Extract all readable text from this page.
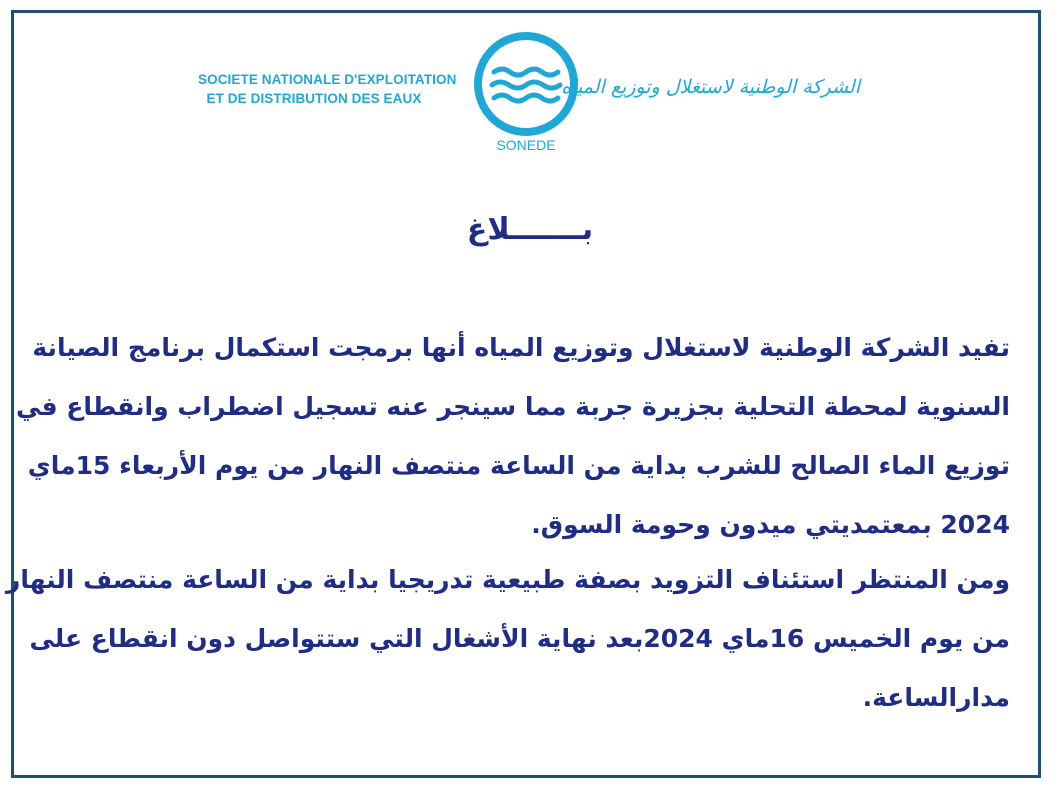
SOCIETE NATIONALE D'EXPLOITATION
ET DE DISTRIBUTION DES EAUX
SONEDE
الشركة الوطنية لاستغلال وتوزيع المياه
بـــــــلاغ
تفيد الشركة الوطنية لاستغلال وتوزيع المياه أنها برمجت استكمال برنامج الصيانة
السنوية لمحطة التحلية بجزيرة جربة مما سينجر عنه تسجيل اضطراب وانقطاع في
توزيع الماء الصالح للشرب بداية من الساعة منتصف النهار من يوم الأربعاء 15ماي
2024 بمعتمديتي ميدون وحومة السوق.
ومن المنتظر استئناف التزويد بصفة طبيعية تدريجيا بداية من الساعة منتصف النهار
من يوم الخميس 16ماي 2024بعد نهاية الأشغال التي ستتواصل دون انقطاع على
مدارالساعة.
